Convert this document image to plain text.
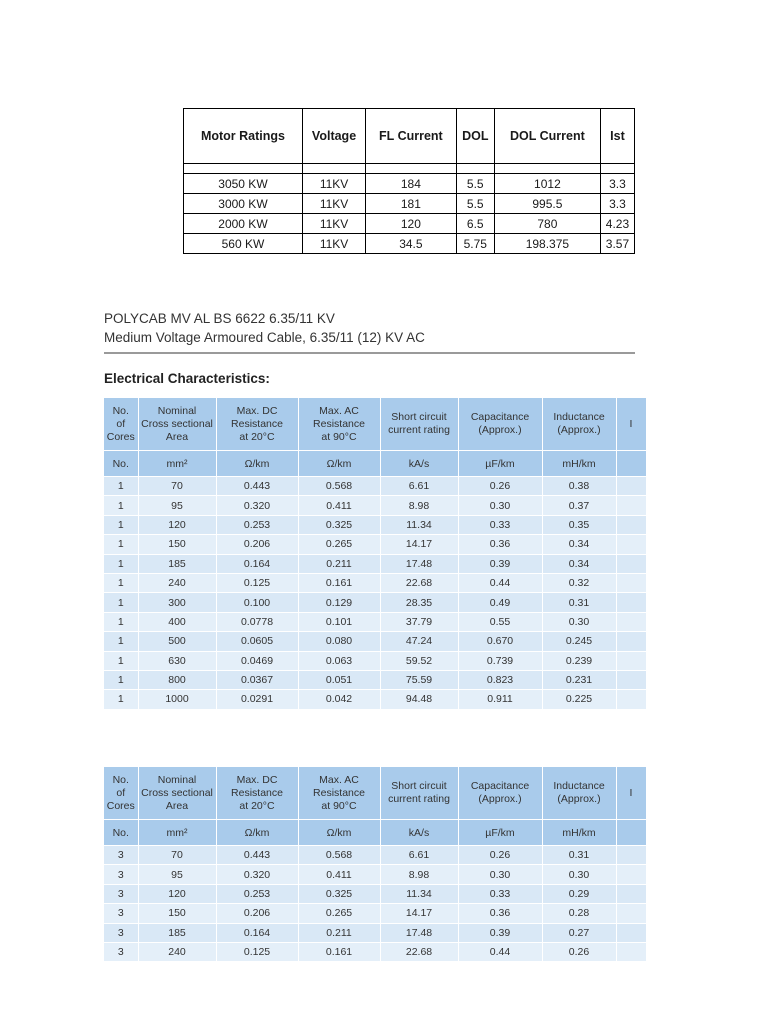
Motor Ratings	Voltage	FL Current	DOL	DOL Current	Ist

3050 KW	11KV	184	5.5	1012	3.3
3000 KW	11KV	181	5.5	995.5	3.3
2000 KW	11KV	120	6.5	780	4.23
560 KW	11KV	34.5	5.75	198.375	3.57
POLYCAB MV AL BS 6622 6.35/11 KV
Medium Voltage Armoured Cable, 6.35/11 (12) KV AC
Electrical Characteristics:
No.
of
Cores	Nominal
Cross sectional
Area	Max. DC
Resistance
at 20°C	Max. AC
Resistance
at 90°C	Short circuit
current rating	Capacitance
(Approx.)	Inductance
(Approx.)	I
No.	mm²	Ω/km	Ω/km	kA/s	µF/km	mH/km	
1	70	0.443	0.568	6.61	0.26	0.38	
1	95	0.320	0.411	8.98	0.30	0.37	
1	120	0.253	0.325	11.34	0.33	0.35	
1	150	0.206	0.265	14.17	0.36	0.34	
1	185	0.164	0.211	17.48	0.39	0.34	
1	240	0.125	0.161	22.68	0.44	0.32	
1	300	0.100	0.129	28.35	0.49	0.31	
1	400	0.0778	0.101	37.79	0.55	0.30	
1	500	0.0605	0.080	47.24	0.670	0.245	
1	630	0.0469	0.063	59.52	0.739	0.239	
1	800	0.0367	0.051	75.59	0.823	0.231	
1	1000	0.0291	0.042	94.48	0.911	0.225	
No.
of
Cores	Nominal
Cross sectional
Area	Max. DC
Resistance
at 20°C	Max. AC
Resistance
at 90°C	Short circuit
current rating	Capacitance
(Approx.)	Inductance
(Approx.)	I
No.	mm²	Ω/km	Ω/km	kA/s	µF/km	mH/km	
3	70	0.443	0.568	6.61	0.26	0.31	
3	95	0.320	0.411	8.98	0.30	0.30	
3	120	0.253	0.325	11.34	0.33	0.29	
3	150	0.206	0.265	14.17	0.36	0.28	
3	185	0.164	0.211	17.48	0.39	0.27	
3	240	0.125	0.161	22.68	0.44	0.26	
